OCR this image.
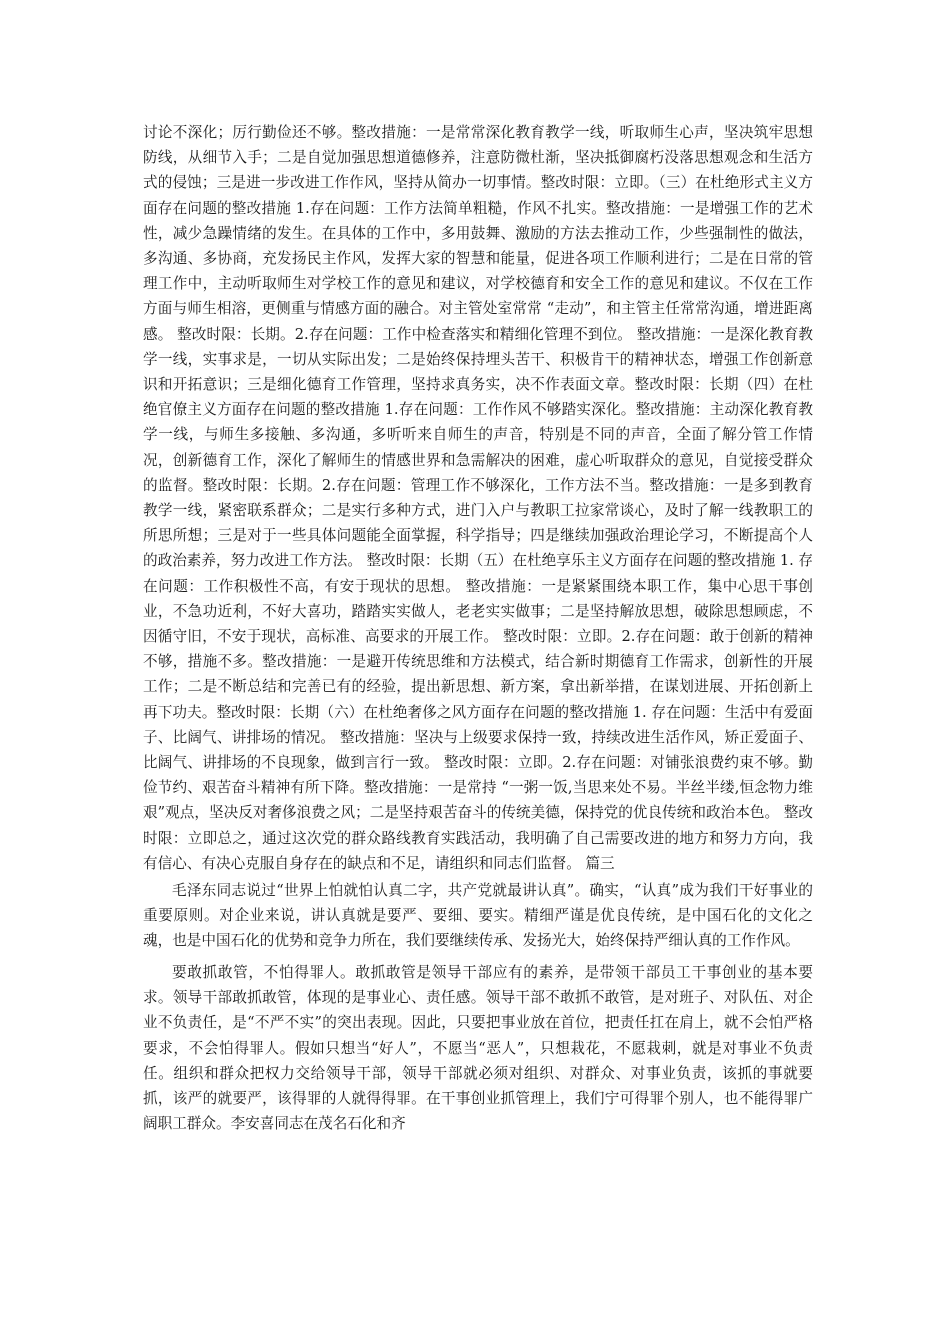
讨论不深化；厉行勤俭还不够。整改措施：一是常常深化教育教学一线，听取师生心声，坚决筑牢思想防线，从细节入手；二是自觉加强思想道德修养，注意防微杜渐，坚决抵御腐朽没落思想观念和生活方式的侵蚀；三是进一步改进工作作风，坚持从简办一切事情。整改时限：立即。（三）在杜绝形式主义方面存在问题的整改措施 1.存在问题：工作方法简单粗糙，作风不扎实。整改措施：一是增强工作的艺术性，减少急躁情绪的发生。在具体的工作中，多用鼓舞、激励的方法去推动工作，少些强制性的做法，多沟通、多协商，充发扬民主作风，发挥大家的智慧和能量，促进各项工作顺利进行；二是在日常的管理工作中，主动听取师生对学校工作的意见和建议，对学校德育和安全工作的意见和建议。不仅在工作方面与师生相溶，更侧重与情感方面的融合。对主管处室常常 “走动”，和主管主任常常沟通，增进距离感。 整改时限：长期。2.存在问题：工作中检查落实和精细化管理不到位。 整改措施：一是深化教育教学一线，实事求是，一切从实际出发；二是始终保持埋头苦干、积极肯干的精神状态，增强工作创新意识和开拓意识；三是细化德育工作管理，坚持求真务实，决不作表面文章。整改时限：长期（四）在杜绝官僚主义方面存在问题的整改措施 1.存在问题：工作作风不够踏实深化。整改措施：主动深化教育教学一线，与师生多接触、多沟通，多听听来自师生的声音，特别是不同的声音，全面了解分管工作情况，创新德育工作，深化了解师生的情感世界和急需解决的困难，虚心听取群众的意见，自觉接受群众的监督。整改时限：长期。2.存在问题：管理工作不够深化，工作方法不当。整改措施：一是多到教育教学一线，紧密联系群众；二是实行多种方式，进门入户与教职工拉家常谈心，及时了解一线教职工的所思所想；三是对于一些具体问题能全面掌握，科学指导；四是继续加强政治理论学习，不断提高个人的政治素养，努力改进工作方法。 整改时限：长期（五）在杜绝享乐主义方面存在问题的整改措施 1. 存在问题：工作积极性不高，有安于现状的思想。 整改措施：一是紧紧围绕本职工作，集中心思干事创业，不急功近利，不好大喜功，踏踏实实做人，老老实实做事；二是坚持解放思想，破除思想顾虑，不因循守旧，不安于现状，高标准、高要求的开展工作。 整改时限：立即。2.存在问题：敢于创新的精神不够，措施不多。整改措施：一是避开传统思维和方法模式，结合新时期德育工作需求，创新性的开展工作；二是不断总结和完善已有的经验，提出新思想、新方案，拿出新举措，在谋划进展、开拓创新上再下功夫。整改时限：长期（六）在杜绝奢侈之风方面存在问题的整改措施 1. 存在问题：生活中有爱面子、比阔气、讲排场的情况。 整改措施：坚决与上级要求保持一致，持续改进生活作风，矫正爱面子、比阔气、讲排场的不良现象，做到言行一致。 整改时限：立即。2.存在问题：对铺张浪费约束不够。勤俭节约、艰苦奋斗精神有所下降。整改措施：一是常持 “一粥一饭,当思来处不易。半丝半缕,恒念物力维艰”观点，坚决反对奢侈浪费之风；二是坚持艰苦奋斗的传统美德，保持党的优良传统和政治本色。 整改时限：立即总之，通过这次党的群众路线教育实践活动，我明确了自己需要改进的地方和努力方向，我有信心、有决心克服自身存在的缺点和不足，请组织和同志们监督。 篇三

毛泽东同志说过“世界上怕就怕认真二字，共产党就最讲认真”。确实，“认真”成为我们干好事业的重要原则。对企业来说，讲认真就是要严、要细、要实。精细严谨是优良传统，是中国石化的文化之魂，也是中国石化的优势和竞争力所在，我们要继续传承、发扬光大，始终保持严细认真的工作作风。

要敢抓敢管，不怕得罪人。敢抓敢管是领导干部应有的素养，是带领干部员工干事创业的基本要求。领导干部敢抓敢管，体现的是事业心、责任感。领导干部不敢抓不敢管，是对班子、对队伍、对企业不负责任，是“不严不实”的突出表现。因此，只要把事业放在首位，把责任扛在肩上，就不会怕严格要求，不会怕得罪人。假如只想当“好人”，不愿当“恶人”，只想栽花，不愿栽刺，就是对事业不负责任。组织和群众把权力交给领导干部，领导干部就必须对组织、对群众、对事业负责，该抓的事就要抓，该严的就要严，该得罪的人就得得罪。在干事创业抓管理上，我们宁可得罪个别人，也不能得罪广阔职工群众。李安喜同志在茂名石化和齐
